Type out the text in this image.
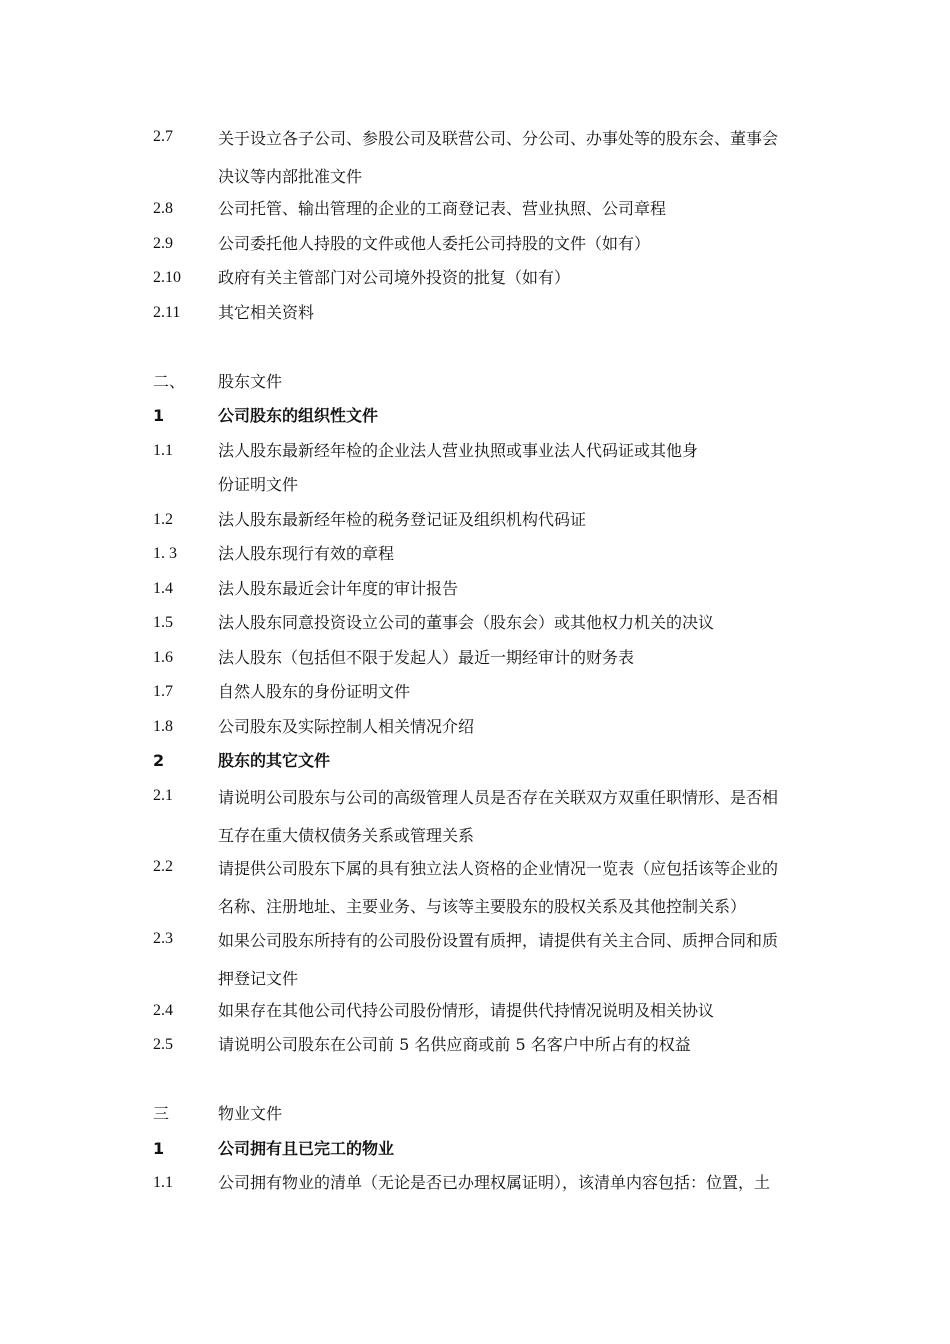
2.7	关于设立各子公司、参股公司及联营公司、分公司、办事处等的股东会、董事会
决议等内部批准文件
2.8	公司托管、输出管理的企业的工商登记表、营业执照、公司章程
2.9	公司委托他人持股的文件或他人委托公司持股的文件（如有）
2.10 政府有关主管部门对公司境外投资的批复（如有）
2.11 其它相关资料
二、 股东文件
1	公司股东的组织性文件
1.1	法人股东最新经年检的企业法人营业执照或事业法人代码证或其他身
份证明文件
1.2	法人股东最新经年检的税务登记证及组织机构代码证
1. 3	法人股东现行有效的章程
1.4	法人股东最近会计年度的审计报告
1.5	法人股东同意投资设立公司的董事会（股东会）或其他权力机关的决议
1.6	法人股东（包括但不限于发起人）最近一期经审计的财务表
1.7	自然人股东的身份证明文件
1.8	公司股东及实际控制人相关情况介绍
2	股东的其它文件
2.1	请说明公司股东与公司的高级管理人员是否存在关联双方双重任职情形、是否相
互存在重大债权债务关系或管理关系
2.2	请提供公司股东下属的具有独立法人资格的企业情况一览表（应包括该等企业的
名称、注册地址、主要业务、与该等主要股东的股权关系及其他控制关系）
2.3	如果公司股东所持有的公司股份设置有质押，请提供有关主合同、质押合同和质
押登记文件
2.4	如果存在其他公司代持公司股份情形，请提供代持情况说明及相关协议
2.5	请说明公司股东在公司前 5 名供应商或前 5 名客户中所占有的权益
三	物业文件
1	公司拥有且已完工的物业
1.1	公司拥有物业的清单（无论是否已办理权属证明），该清单内容包括：位置，土
